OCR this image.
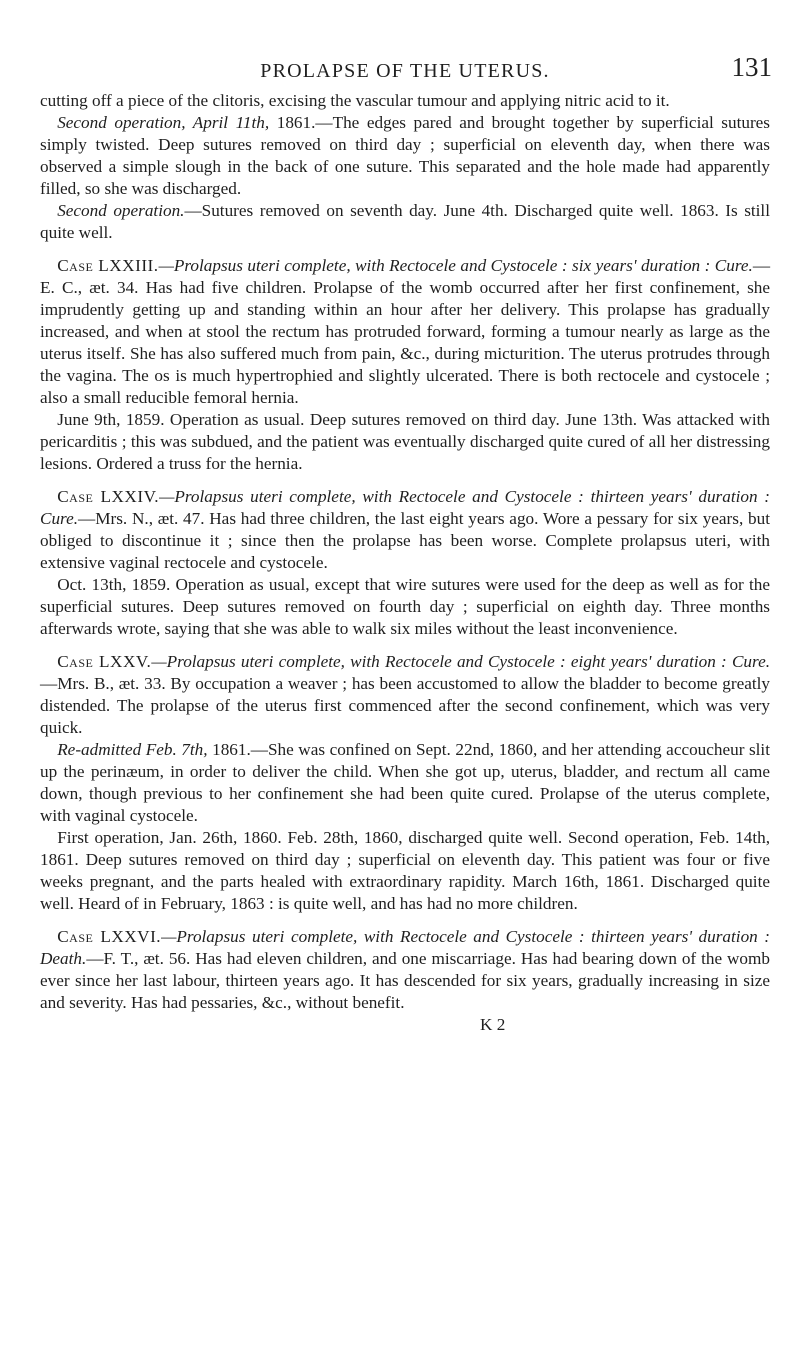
PROLAPSE OF THE UTERUS.	131

cutting off a piece of the clitoris, excising the vascular tumour and applying nitric acid to it.

 Second operation, April 11th, 1861.—The edges pared and brought together by superficial sutures simply twisted. Deep sutures removed on third day ; superficial on eleventh day, when there was observed a simple slough in the back of one suture. This separated and the hole made had apparently filled, so she was discharged.

 Second operation.—Sutures removed on seventh day. June 4th. Discharged quite well. 1863. Is still quite well.

 Case LXXIII.—Prolapsus uteri complete, with Rectocele and Cystocele : six years' duration : Cure.—E. C., æt. 34. Has had five children. Prolapse of the womb occurred after her first confinement, she imprudently getting up and standing within an hour after her delivery. This prolapse has gradually increased, and when at stool the rectum has protruded forward, forming a tumour nearly as large as the uterus itself. She has also suffered much from pain, &c., during micturition. The uterus protrudes through the vagina. The os is much hypertrophied and slightly ulcerated. There is both rectocele and cystocele ; also a small reducible femoral hernia.

 June 9th, 1859. Operation as usual. Deep sutures removed on third day. June 13th. Was attacked with pericarditis ; this was subdued, and the patient was eventually discharged quite cured of all her distressing lesions. Ordered a truss for the hernia.

 Case LXXIV.—Prolapsus uteri complete, with Rectocele and Cystocele : thirteen years' duration : Cure.—Mrs. N., æt. 47. Has had three children, the last eight years ago. Wore a pessary for six years, but obliged to discontinue it ; since then the prolapse has been worse. Complete prolapsus uteri, with extensive vaginal rectocele and cystocele.

 Oct. 13th, 1859. Operation as usual, except that wire sutures were used for the deep as well as for the superficial sutures. Deep sutures removed on fourth day ; superficial on eighth day. Three months afterwards wrote, saying that she was able to walk six miles without the least inconvenience.

 Case LXXV.—Prolapsus uteri complete, with Rectocele and Cystocele : eight years' duration : Cure.—Mrs. B., æt. 33. By occupation a weaver ; has been accustomed to allow the bladder to become greatly distended. The prolapse of the uterus first commenced after the second confinement, which was very quick.

 Re-admitted Feb. 7th, 1861.—She was confined on Sept. 22nd, 1860, and her attending accoucheur slit up the perinæum, in order to deliver the child. When she got up, uterus, bladder, and rectum all came down, though previous to her confinement she had been quite cured. Prolapse of the uterus complete, with vaginal cystocele.

 First operation, Jan. 26th, 1860. Feb. 28th, 1860, discharged quite well. Second operation, Feb. 14th, 1861. Deep sutures removed on third day ; superficial on eleventh day. This patient was four or five weeks pregnant, and the parts healed with extraordinary rapidity. March 16th, 1861. Discharged quite well. Heard of in February, 1863 : is quite well, and has had no more children.

 Case LXXVI.—Prolapsus uteri complete, with Rectocele and Cystocele : thirteen years' duration : Death.—F. T., æt. 56. Has had eleven children, and one miscarriage. Has had bearing down of the womb ever since her last labour, thirteen years ago. It has descended for six years, gradually increasing in size and severity. Has had pessaries, &c., without benefit.

K 2
